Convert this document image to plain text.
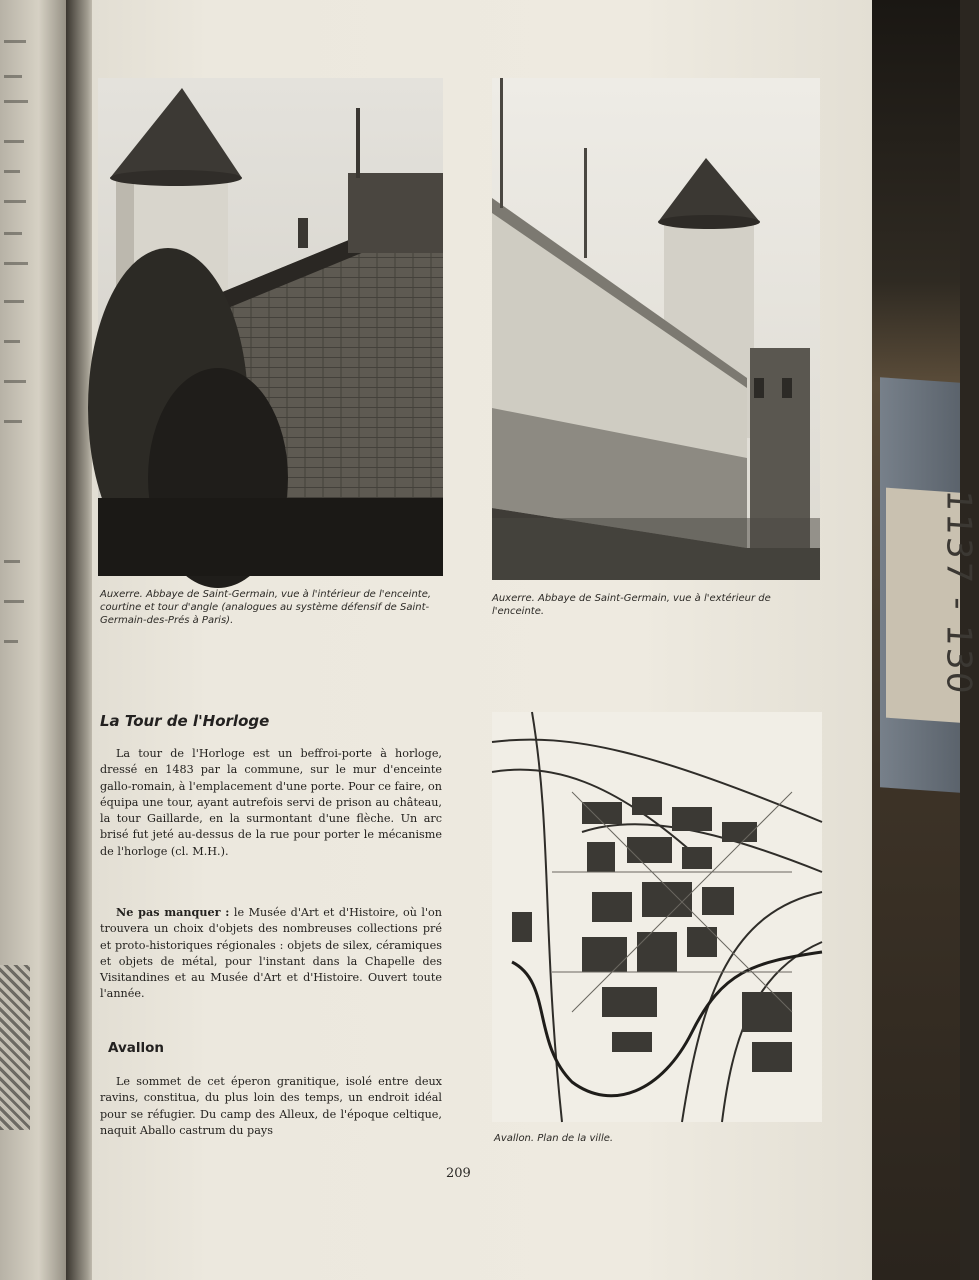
1137 - 130

Auxerre. Abbaye de Saint-Germain, vue à l'intérieur de l'enceinte, courtine et tour d'angle (analogues au système défensif de Saint-Germain-des-Prés à Paris).

Auxerre. Abbaye de Saint-Germain, vue à l'extérieur de l'enceinte.

La Tour de l'Horloge

La tour de l'Horloge est un beffroi-porte à horloge, dressé en 1483 par la commune, sur le mur d'enceinte gallo-romain, à l'emplacement d'une porte. Pour ce faire, on équipa une tour, ayant autrefois servi de prison au château, la tour Gaillarde, en la surmontant d'une flèche. Un arc brisé fut jeté au-dessus de la rue pour porter le mécanisme de l'horloge (cl. M.H.).

Ne pas manquer : le Musée d'Art et d'Histoire, où l'on trouvera un choix d'objets des nombreuses collections pré et proto-historiques régionales : objets de silex, céramiques et objets de métal, pour l'instant dans la Chapelle des Visitandines et au Musée d'Art et d'Histoire. Ouvert toute l'année.

Avallon

Le sommet de cet éperon granitique, isolé entre deux ravins, constitua, du plus loin des temps, un endroit idéal pour se réfugier. Du camp des Alleux, de l'époque celtique, naquit Aballo castrum du pays

Avallon. Plan de la ville.

209
